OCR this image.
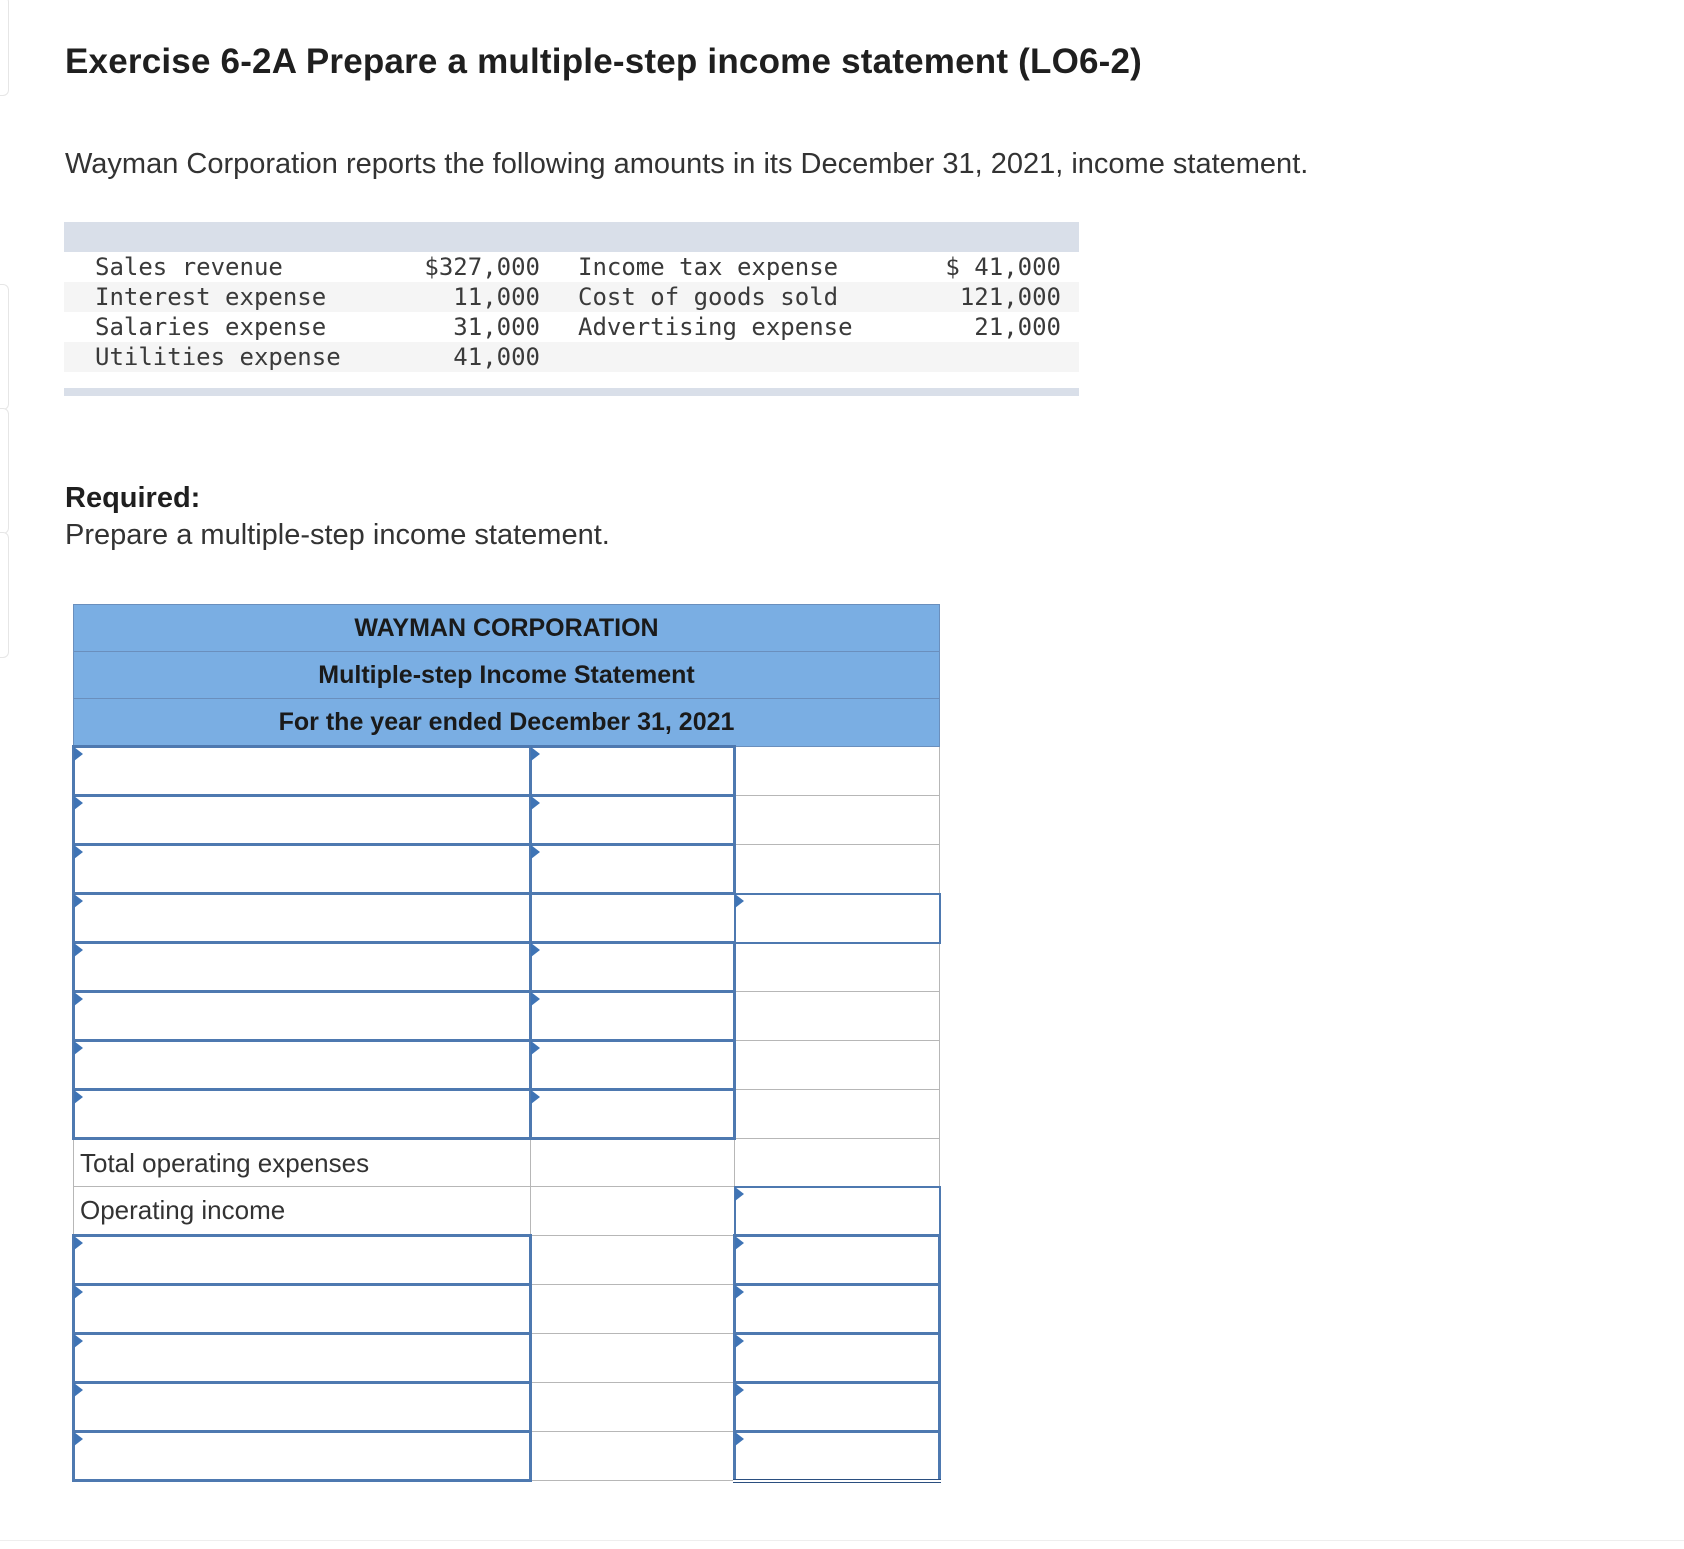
Exercise 6-2A Prepare a multiple-step income statement (LO6-2)

Wayman Corporation reports the following amounts in its December 31, 2021, income statement.

Sales revenue	$327,000	Income tax expense	$ 41,000
Interest expense	11,000	Cost of goods sold	121,000
Salaries expense	31,000	Advertising expense	21,000
Utilities expense	41,000		

Required:

Prepare a multiple-step income statement.

WAYMAN CORPORATION		
Multiple-step Income Statement		
For the year ended December 31, 2021		

Total operating expenses		
Operating income		
